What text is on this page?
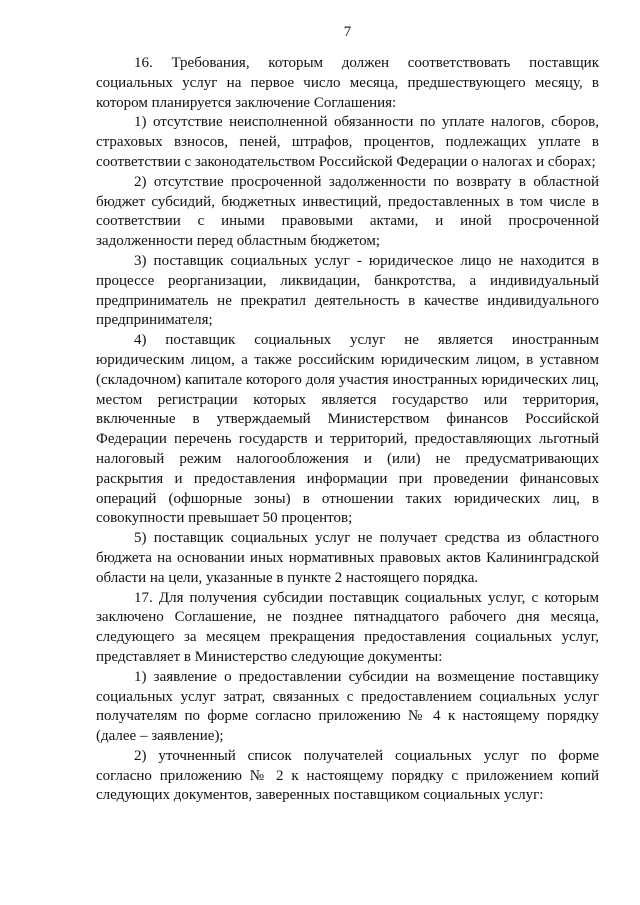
7

16. Требования, которым должен соответствовать поставщик социальных услуг на первое число месяца, предшествующего месяцу, в котором планируется заключение Соглашения:

1) отсутствие неисполненной обязанности по уплате налогов, сборов, страховых взносов, пеней, штрафов, процентов, подлежащих уплате в соответствии с законодательством Российской Федерации о налогах и сборах;

2) отсутствие просроченной задолженности по возврату в областной бюджет субсидий, бюджетных инвестиций, предоставленных в том числе в соответствии с иными правовыми актами, и иной просроченной задолженности перед областным бюджетом;

3) поставщик социальных услуг - юридическое лицо не находится в процессе реорганизации, ликвидации, банкротства, а индивидуальный предприниматель не прекратил деятельность в качестве индивидуального предпринимателя;

4) поставщик социальных услуг не является иностранным юридическим лицом, а также российским юридическим лицом, в уставном (складочном) капитале которого доля участия иностранных юридических лиц, местом регистрации которых является государство или территория, включенные в утверждаемый Министерством финансов Российской Федерации перечень государств и территорий, предоставляющих льготный налоговый режим налогообложения и (или) не предусматривающих раскрытия и предоставления информации при проведении финансовых операций (офшорные зоны) в отношении таких юридических лиц, в совокупности превышает 50 процентов;

5) поставщик социальных услуг не получает средства из областного бюджета на основании иных нормативных правовых актов Калининградской области на цели, указанные в пункте 2 настоящего порядка.

17. Для получения субсидии поставщик социальных услуг, с которым заключено Соглашение, не позднее пятнадцатого рабочего дня месяца, следующего за месяцем прекращения предоставления социальных услуг, представляет в Министерство следующие документы:

1) заявление о предоставлении субсидии на возмещение поставщику социальных услуг затрат, связанных с предоставлением социальных услуг получателям по форме согласно приложению № 4 к настоящему порядку (далее – заявление);

2) уточненный список получателей социальных услуг по форме согласно приложению № 2 к настоящему порядку с приложением копий следующих документов, заверенных поставщиком социальных услуг:
